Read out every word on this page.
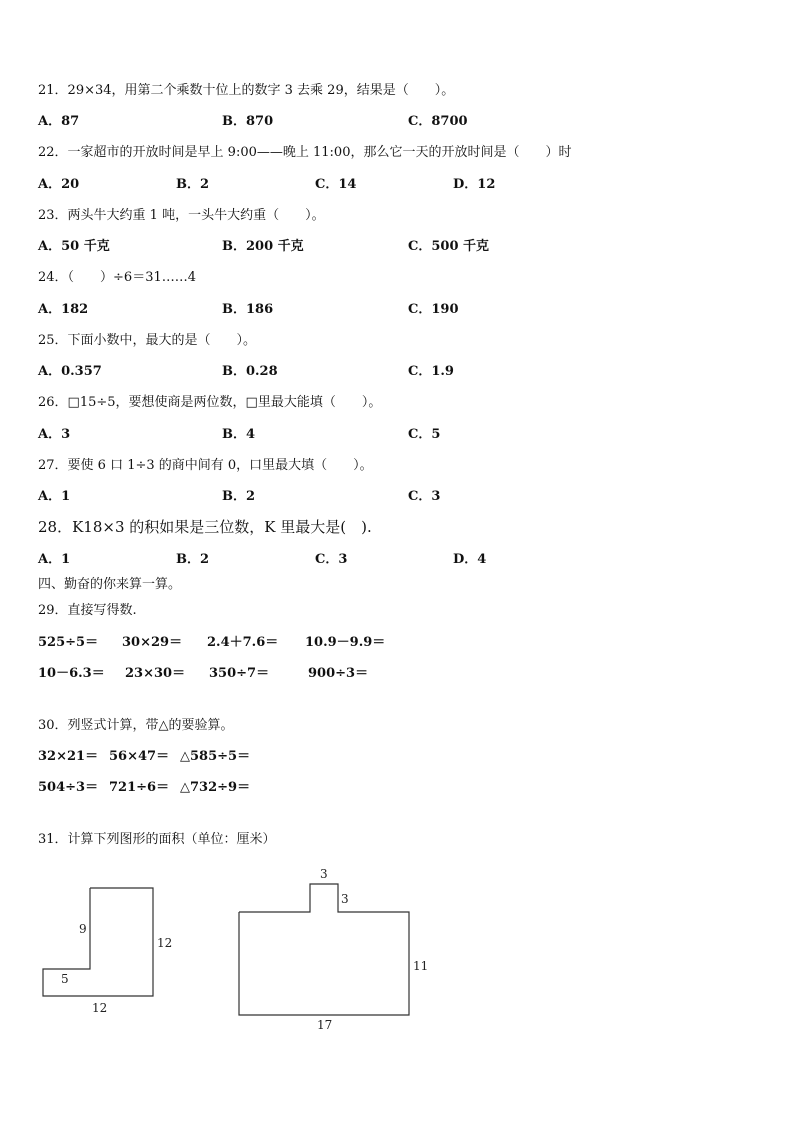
21．29×34，用第二个乘数十位上的数字 3 去乘 29，结果是（　　）。
A．87	B．870	C．8700
22．一家超市的开放时间是早上 9:00——晚上 11:00，那么它一天的开放时间是（　　）时
A．20	B．2	C．14	D．12
23．两头牛大约重 1 吨，一头牛大约重（　　）。
A．50 千克	B．200 千克	C．500 千克
24．（　　）÷6＝31……4
A．182	B．186	C．190
25．下面小数中，最大的是（　　）。
A．0.357	B．0.28	C．1.9
26．□15÷5，要想使商是两位数，□里最大能填（　　）。
A．3	B．4	C．5
27．要使 6 口 1÷3 的商中间有 0，口里最大填（　　）。
A．1	B．2	C．3
28．K18×3 的积如果是三位数，K 里最大是(　).
A．1	B．2	C．3	D．4
四、勤奋的你来算一算。
29．直接写得数.
525÷5＝ 30×29＝ 2.4＋7.6＝ 10.9－9.9＝
10－6.3＝ 23×30＝ 350÷7＝	900÷3＝
30．列竖式计算，带△的要验算。
32×21＝ 56×47＝ △585÷5＝
504÷3＝ 721÷6＝ △732÷9＝
31．计算下列图形的面积（单位：厘米）
9
12
5
12
3
3
11
17
